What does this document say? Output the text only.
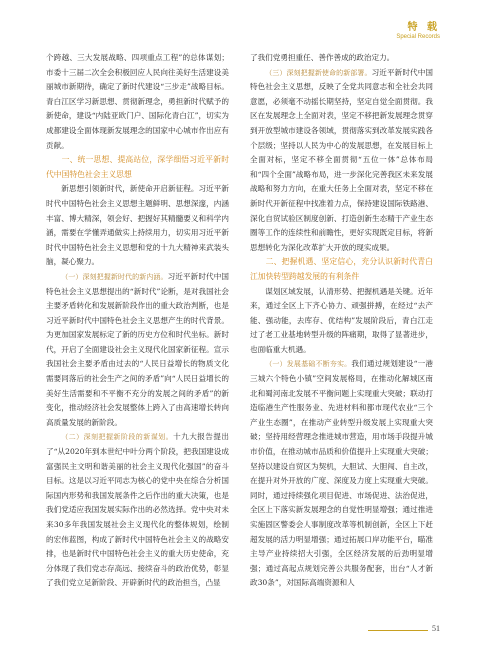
特 载
Special Records

个跨越、三大发展战略、四项重点工程”的总体谋划；市委十三届二次全会积极回应人民向往美好生活建设美丽城市新期待，确定了新时代建设“三步走”战略目标。青白江区学习新思想、贯彻新理念，勇担新时代赋予的新使命，建设“内陆亚欧门户、国际化青白江”，切实为成都建设全面体现新发展理念的国家中心城市作出应有贡献。

一、统一思想、提高站位，深学细悟习近平新时代中国特色社会主义思想

新思想引领新时代，新使命开启新征程。习近平新时代中国特色社会主义思想主题鲜明、思想深邃，内涵丰富、博大精深，领会好、把握好其精髓要义和科学内涵，需要在学懂弄通做实上持续用力，切实用习近平新时代中国特色社会主义思想和党的十九大精神来武装头脑，凝心聚力。

（一）深刻把握新时代的新内涵。习近平新时代中国特色社会主义思想提出的“新时代”论断，是对我国社会主要矛盾转化和发展新阶段作出的重大政治判断，也是习近平新时代中国特色社会主义思想产生的时代背景。为更加国家发展标定了新的历史方位和时代坐标。新时代，开启了全面建设社会主义现代化国家新征程。宣示我国社会主要矛盾由过去的“人民日益增长的物质文化需要同落后的社会生产之间的矛盾”向“人民日益增长的美好生活需要和不平衡不充分的发展之间的矛盾”的新变化，推动经济社会发展整体上跨入了由高速增长转向高质量发展的新阶段。

（二）深刻把握新阶段的新谋划。十九大报告提出了“从2020年到本世纪中叶分两个阶段，把我国建设成富强民主文明和谐美丽的社会主义现代化强国”的奋斗目标。这是以习近平同志为核心的党中央在综合分析国际国内形势和我国发展条件之后作出的重大决策，也是我们党适应我国发展实际作出的必然选择。党中央对未来30多年我国发展社会主义现代化的整体规划，绘制的宏伟蓝图，构成了新时代中国特色社会主义的战略安排，也是新时代中国特色社会主义的重大历史使命，充分体现了我们党志存高远、接续奋斗的政治优势，彰显了我们党立足新阶段、开辟新时代的政治担当，凸显

了我们党勇担重任、善作善成的政治定力。

（三）深刻把握新使命的新部署。习近平新时代中国特色社会主义思想，反映了全党共同意志和全社会共同意愿，必须毫不动摇长期坚持，坚定自觉全面贯彻。我区在发展理念上全面对表，坚定不移把新发展理念贯穿到开放型城市建设各领域，贯彻落实到改革发展实践各个层级；坚持以人民为中心的发展思想，在发展目标上全面对标，坚定不移全面贯彻“五位一体”总体布局和“四个全面”战略布局，进一步深化完善我区未来发展战略和努力方向，在重大任务上全面对表，坚定不移在新时代开新征程中找准着力点，保持建设国际铁路港、深化自贸试验区制度创新、打造创新生态精于产业生态圈等工作的连续性和前瞻性，更好实现既定目标，将新思想转化为深化改革扩大开放的现实成果。

二、把握机遇、坚定信心，充分认识新时代青白江加快转型跨越发展的有利条件

谋划区域发展，认清形势、把握机遇是关键。近年来，通过全区上下齐心协力、顽强拼搏，在经过“去产能、强动能，去库存、优结构”发展阶段后，青白江走过了老工业基地转型升级的阵痛期，取得了显著进步，也面临重大机遇。

（一）发展基础不断夯实。我们通过规划建设“一港三城六个特色小镇”空间发展格局，在推动化解城区南北和蜀河南北发展不平衡问题上实现重大突破；联动打造临港生产性服务业、先进材料和都市现代农业“三个产业生态圈”，在推动产业转型升级发展上实现重大突破；坚持用经营理念推进城市营造，用市场手段提升城市价值，在推动城市品质和价值提升上实现重大突破；坚持以建设自贸区为契机，大胆试、大胆闯、自主改，在提升对外开放的广度、深度及力度上实现重大突破。同时，通过持续强化项目促进、市场促进、法治促进，全区上下落实新发展理念的自觉性明显增强；通过推进实施固区警委会人事制度改革等机制创新，全区上下赶超发展的活力明显增强；通过拓展口岸功能平台，瞄准主导产业持续招大引强，全区经济发展的后劲明显增强；通过高起点规划完善公共服务配套，出台“人才新政30条”，对国际高端资源和人

51
